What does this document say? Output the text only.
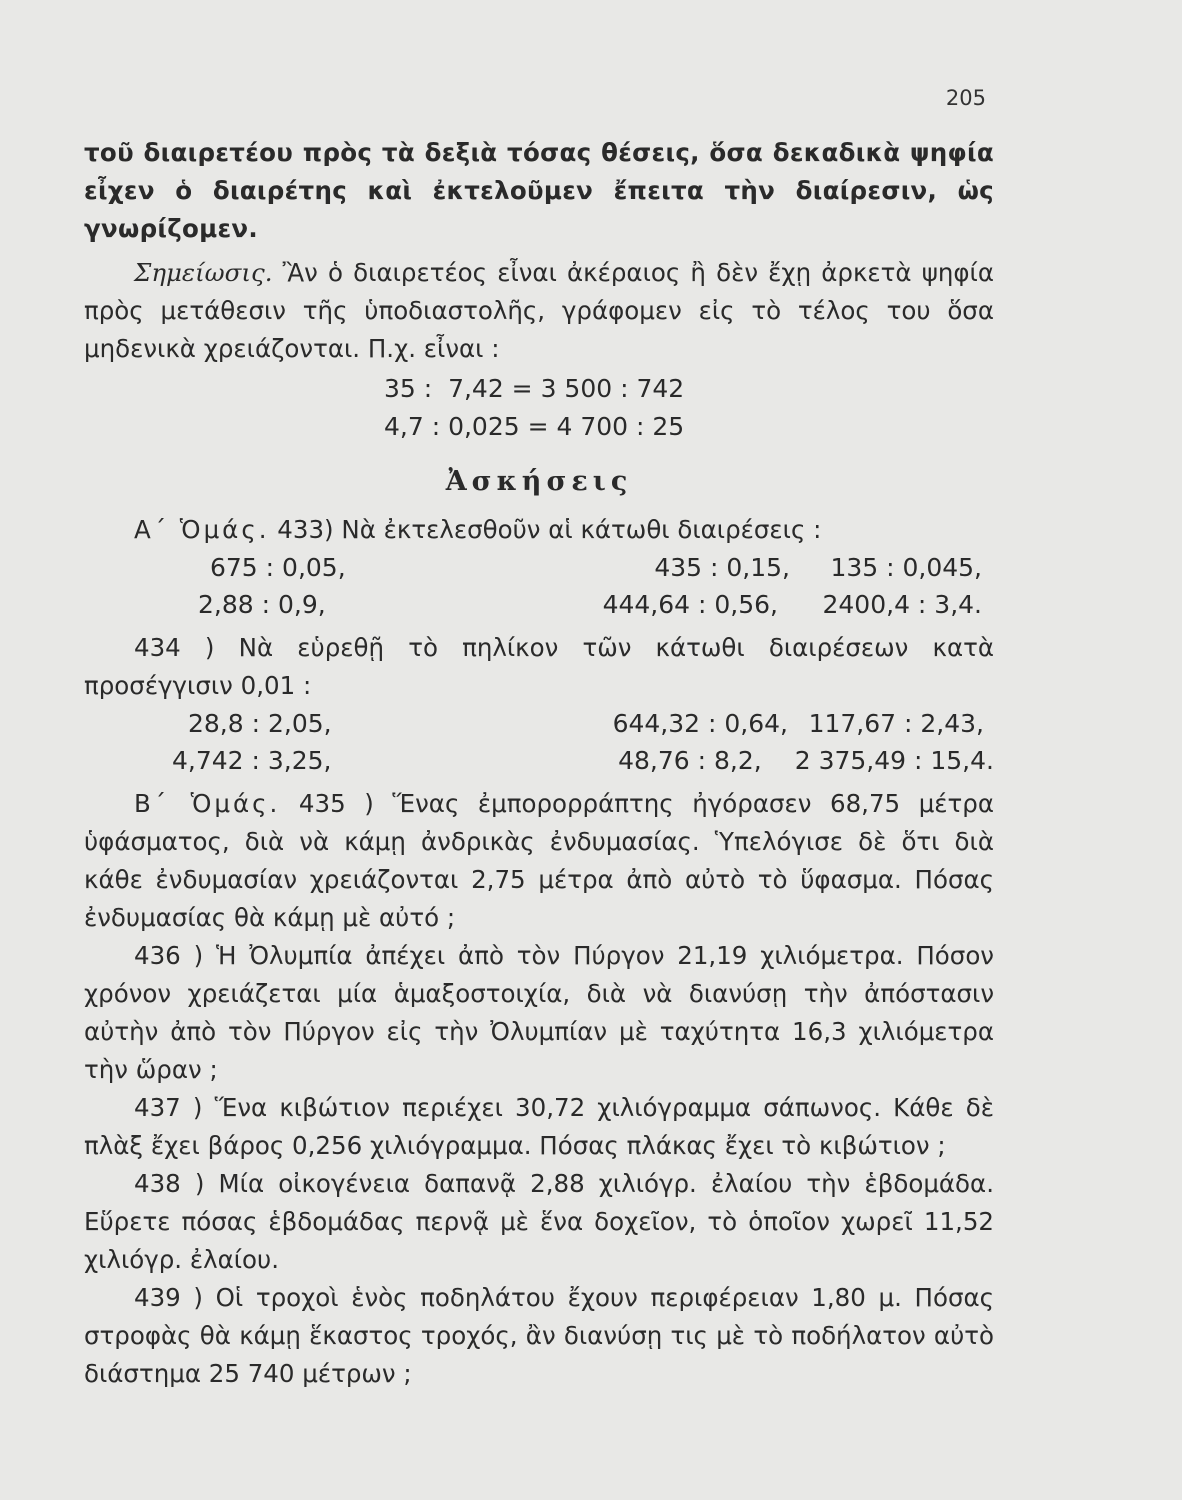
205

τοῦ διαιρετέου πρὸς τὰ δεξιὰ τόσας θέσεις, ὅσα δεκαδικὰ ψηφία εἶχεν ὁ διαιρέτης καὶ ἐκτελοῦμεν ἔπειτα τὴν διαίρεσιν, ὡς γνωρίζομεν.

Σημείωσις. Ἂν ὁ διαιρετέος εἶναι ἀκέραιος ἢ δὲν ἔχῃ ἀρκετὰ ψηφία πρὸς μετάθεσιν τῆς ὑποδιαστολῆς, γράφομεν εἰς τὸ τέλος του ὅσα μηδενικὰ χρειάζονται. Π.χ. εἶναι :

35 :  7,42 = 3 500 : 742
4,7 : 0,025 = 4 700 : 25
Ἀσκήσεις

Α΄ Ὁμάς. 433) Νὰ ἐκτελεσθοῦν αἱ κάτωθι διαιρέσεις :

675 : 0,05,	435 : 0,15,	135 : 0,045,
2,88 : 0,9,	444,64 : 0,56,	2400,4 : 3,4.

434 ) Νὰ εὑρεθῇ τὸ πηλίκον τῶν κάτωθι διαιρέσεων κατὰ προσέγγισιν 0,01 :

28,8 : 2,05,	644,32 : 0,64, 117,67 : 2,43,
4,742 : 3,25,	48,76 : 8,2,	2 375,49 : 15,4.

Β΄ Ὁμάς. 435 ) Ἕνας ἐμπορορράπτης ἠγόρασεν 68,75 μέτρα ὑφάσματος, διὰ νὰ κάμῃ ἀνδρικὰς ἐνδυμασίας. Ὑπελόγισε δὲ ὅτι διὰ κάθε ἐνδυμασίαν χρειάζονται 2,75 μέτρα ἀπὸ αὐτὸ τὸ ὕφασμα. Πόσας ἐνδυμασίας θὰ κάμῃ μὲ αὐτό ;

436 ) Ἡ Ὀλυμπία ἀπέχει ἀπὸ τὸν Πύργον 21,19 χιλιόμετρα. Πόσον χρόνον χρειάζεται μία ἁμαξοστοιχία, διὰ νὰ διανύσῃ τὴν ἀπόστασιν αὐτὴν ἀπὸ τὸν Πύργον εἰς τὴν Ὀλυμπίαν μὲ ταχύτητα 16,3 χιλιόμετρα τὴν ὥραν ;

437 ) Ἕνα κιβώτιον περιέχει 30,72 χιλιόγραμμα σάπωνος. Κάθε δὲ πλὰξ ἔχει βάρος 0,256 χιλιόγραμμα. Πόσας πλάκας ἔχει τὸ κιβώτιον ;

438 ) Μία οἰκογένεια δαπανᾷ 2,88 χιλιόγρ. ἐλαίου τὴν ἑβδομάδα. Εὕρετε πόσας ἑβδομάδας περνᾷ μὲ ἕνα δοχεῖον, τὸ ὁποῖον χωρεῖ 11,52 χιλιόγρ. ἐλαίου.

439 ) Οἱ τροχοὶ ἑνὸς ποδηλάτου ἔχουν περιφέρειαν 1,80 μ. Πόσας στροφὰς θὰ κάμῃ ἕκαστος τροχός, ἂν διανύσῃ τις μὲ τὸ ποδήλατον αὐτὸ διάστημα 25 740 μέτρων ;
